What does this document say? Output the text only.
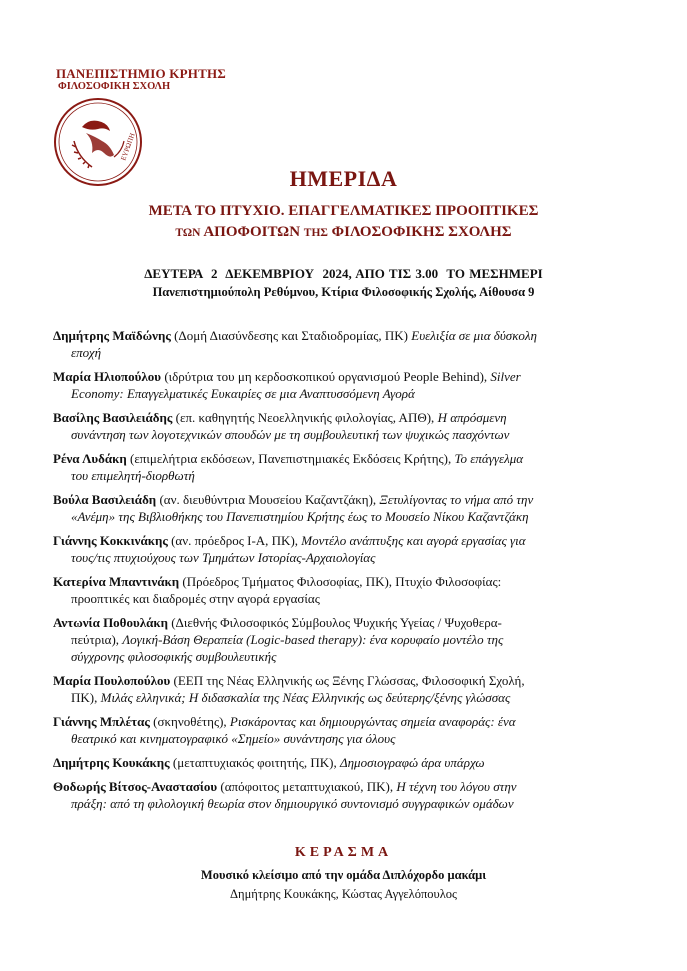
ΠΑΝΕΠΙΣΤΗΜΙΟ ΚΡΗΤΗΣ
ΦΙΛΟΣΟΦΙΚΗ ΣΧΟΛΗ
ΕΥΡΩΠΗ
ΗΜΕΡΙΔΑ
ΜΕΤΑ ΤΟ ΠΤΥΧΙΟ. ΕΠΑΓΓΕΛΜΑΤΙΚΕΣ ΠΡΟΟΠΤΙΚΕΣ
ΤΩΝ ΑΠΟΦΟΙΤΩΝ ΤΗΣ ΦΙΛΟΣΟΦΙΚΗΣ ΣΧΟΛΗΣ
ΔΕΥΤΕΡΑ  2  ΔΕΚΕΜΒΡΙΟΥ  2024, ΑΠΟ ΤΙΣ 3.00  ΤΟ ΜΕΣΗΜΕΡΙ
Πανεπιστημιούπολη Ρεθύμνου, Κτίρια Φιλοσοφικής Σχολής, Αίθουσα 9
Δημήτρης Μαϊδώνης (Δομή Διασύνδεσης και Σταδιοδρομίας, ΠΚ) Ευελιξία σε μια δύσκολη
εποχή
Μαρία Ηλιοπούλου (ιδρύτρια του μη κερδοσκοπικού οργανισμού People Behind), Silver
Economy: Επαγγελματικές Ευκαιρίες σε μια Αναπτυσσόμενη Αγορά
Βασίλης Βασιλειάδης (επ. καθηγητής Νεοελληνικής φιλολογίας, ΑΠΘ), Η απρόσμενη
συνάντηση των λογοτεχνικών σπουδών με τη συμβουλευτική των ψυχικώς πασχόντων
Ρένα Λυδάκη (επιμελήτρια εκδόσεων, Πανεπιστημιακές Εκδόσεις Κρήτης), Το επάγγελμα
του επιμελητή-διορθωτή
Βούλα Βασιλειάδη (αν. διευθύντρια Μουσείου Καζαντζάκη), Ξετυλίγοντας το νήμα από την
«Ανέμη» της Βιβλιοθήκης του Πανεπιστημίου Κρήτης έως το Μουσείο Νίκου Καζαντζάκη
Γιάννης Κοκκινάκης (αν. πρόεδρος Ι-Α, ΠΚ), Μοντέλο ανάπτυξης και αγορά εργασίας για
τους/τις πτυχιούχους των Τμημάτων Ιστορίας-Αρχαιολογίας
Κατερίνα Μπαντινάκη (Πρόεδρος Τμήματος Φιλοσοφίας, ΠΚ), Πτυχίο Φιλοσοφίας:
προοπτικές και διαδρομές στην αγορά εργασίας
Αντωνία Ποθουλάκη (Διεθνής Φιλοσοφικός Σύμβουλος Ψυχικής Υγείας / Ψυχοθερα-
πεύτρια), Λογική-Βάση Θεραπεία (Logic-based therapy): ένα κορυφαίο μοντέλο της
σύγχρονης φιλοσοφικής συμβουλευτικής
Μαρία Πουλοπούλου (ΕΕΠ της Νέας Ελληνικής ως Ξένης Γλώσσας, Φιλοσοφική Σχολή,
ΠΚ), Μιλάς ελληνικά; Η διδασκαλία της Νέας Ελληνικής ως δεύτερης/ξένης γλώσσας
Γιάννης Μπλέτας (σκηνοθέτης), Ρισκάροντας και δημιουργώντας σημεία αναφοράς: ένα
θεατρικό και κινηματογραφικό «Σημείο» συνάντησης για όλους
Δημήτρης Κουκάκης (μεταπτυχιακός φοιτητής, ΠΚ), Δημοσιογραφώ άρα υπάρχω
Θοδωρής Βίτσος-Αναστασίου (απόφοιτος μεταπτυχιακού, ΠΚ), Η τέχνη του λόγου στην
πράξη: από τη φιλολογική θεωρία στον δημιουργικό συντονισμό συγγραφικών ομάδων
ΚΕΡΑΣΜΑ
Μουσικό κλείσιμο από την ομάδα Διπλόχορδο μακάμι
Δημήτρης Κουκάκης, Κώστας Αγγελόπουλος
